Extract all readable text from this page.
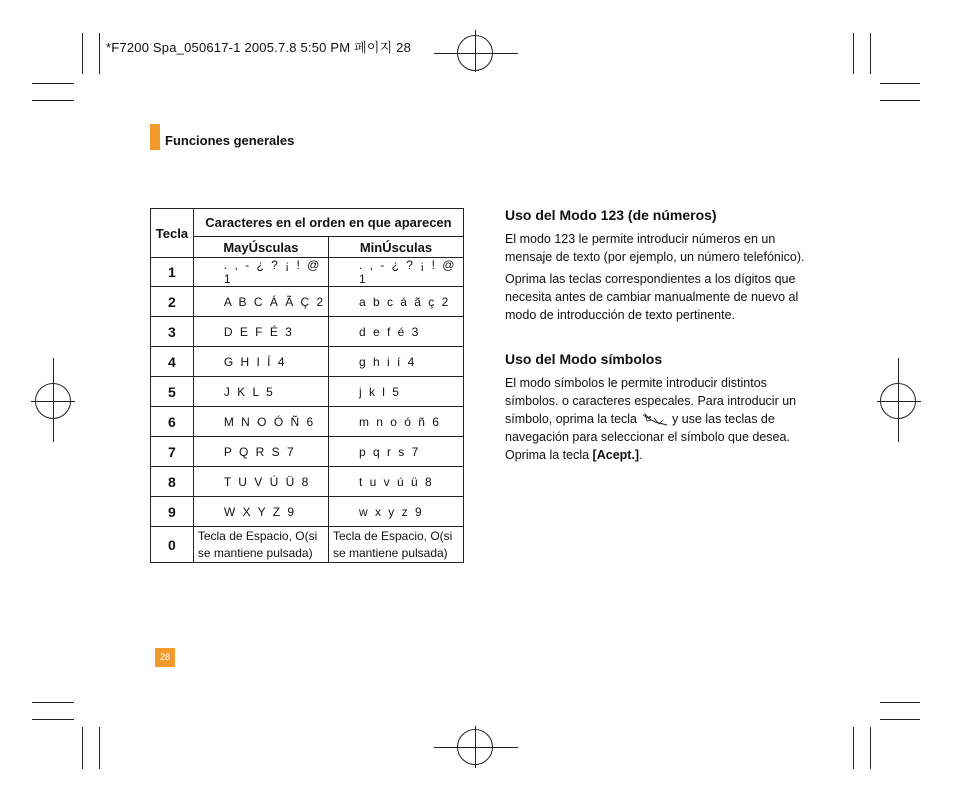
*F7200 Spa_050617-1 2005.7.8 5:50 PM 페이지 28
Funciones generales
Tecla	Caracteres en el orden en que aparecen	
	MayÚsculas	MinÚsculas
1	. , - ¿ ? ¡ ! @ 1	. , - ¿ ? ¡ ! @ 1
2	A B C Á Ã Ç 2	a b c á ã ç 2
3	D E F É 3	d e f é 3
4	G H I Í 4	g h i í 4
5	J K L 5	j k l 5
6	M N O Ó Ñ 6	m n o ó ñ 6
7	P Q R S 7	p q r s 7
8	T U V Ú Ü 8	t u v ú ü 8
9	W X Y Z 9	w x y z 9
0	Tecla de Espacio, O(si se mantiene pulsada)	Tecla de Espacio, O(si se mantiene pulsada)
Uso del Modo 123 (de números)
El modo 123 le permite introducir números en un mensaje de texto (por ejemplo, un número telefónico).
Oprima las teclas correspondientes a los dígitos que necesita antes de cambiar manualmente de nuevo al modo de introducción de texto pertinente.
Uso del Modo símbolos
El modo símbolos le permite introducir distintos símbolos. o caracteres especales. Para introducir un símbolo, oprima la tecla	y use las teclas de navegación para seleccionar el símbolo que desea. Oprima la tecla [Acept.].
28
